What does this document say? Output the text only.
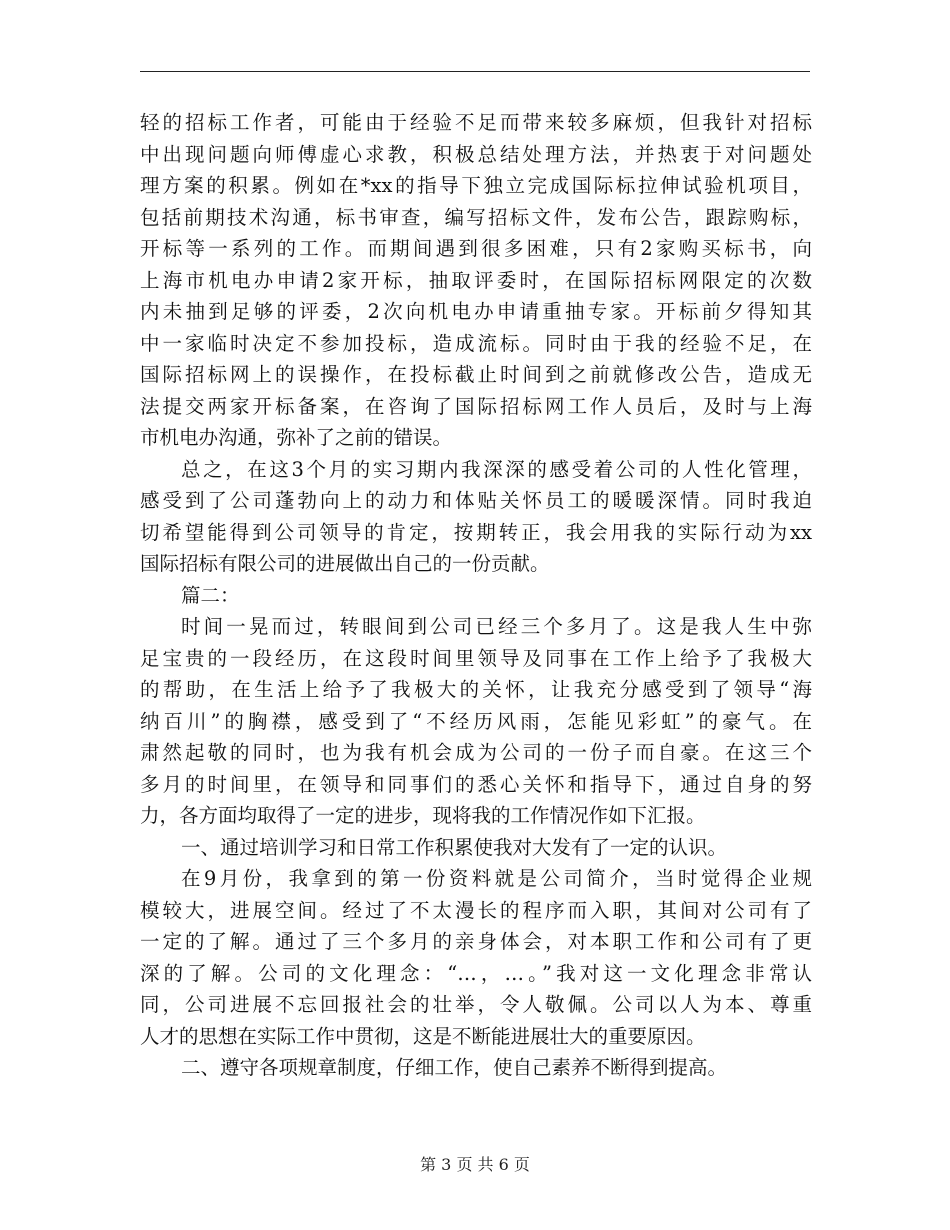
轻的招标工作者，可能由于经验不足而带来较多麻烦，但我针对招标
中出现问题向师傅虚心求教，积极总结处理方法，并热衷于对问题处
理方案的积累。例如在*xx的指导下独立完成国际标拉伸试验机项目，
包括前期技术沟通，标书审查，编写招标文件，发布公告，跟踪购标，
开标等一系列的工作。而期间遇到很多困难，只有2家购买标书，向
上海市机电办申请2家开标，抽取评委时，在国际招标网限定的次数
内未抽到足够的评委，2次向机电办申请重抽专家。开标前夕得知其
中一家临时决定不参加投标，造成流标。同时由于我的经验不足，在
国际招标网上的误操作，在投标截止时间到之前就修改公告，造成无
法提交两家开标备案，在咨询了国际招标网工作人员后，及时与上海
市机电办沟通，弥补了之前的错误。
总之，在这3个月的实习期内我深深的感受着公司的人性化管理，
感受到了公司蓬勃向上的动力和体贴关怀员工的暖暖深情。同时我迫
切希望能得到公司领导的肯定，按期转正，我会用我的实际行动为xx
国际招标有限公司的进展做出自己的一份贡献。
篇二：
时间一晃而过，转眼间到公司已经三个多月了。这是我人生中弥
足宝贵的一段经历，在这段时间里领导及同事在工作上给予了我极大
的帮助，在生活上给予了我极大的关怀，让我充分感受到了领导“海
纳百川”的胸襟，感受到了“不经历风雨，怎能见彩虹”的豪气。在
肃然起敬的同时，也为我有机会成为公司的一份子而自豪。在这三个
多月的时间里，在领导和同事们的悉心关怀和指导下，通过自身的努
力，各方面均取得了一定的进步，现将我的工作情况作如下汇报。
一、通过培训学习和日常工作积累使我对大发有了一定的认识。
在9月份，我拿到的第一份资料就是公司简介，当时觉得企业规
模较大，进展空间。经过了不太漫长的程序而入职，其间对公司有了
一定的了解。通过了三个多月的亲身体会，对本职工作和公司有了更
深的了解。公司的文化理念：“…，…。”我对这一文化理念非常认
同，公司进展不忘回报社会的壮举，令人敬佩。公司以人为本、尊重
人才的思想在实际工作中贯彻，这是不断能进展壮大的重要原因。
二、遵守各项规章制度，仔细工作，使自己素养不断得到提高。
第 3 页 共 6 页
